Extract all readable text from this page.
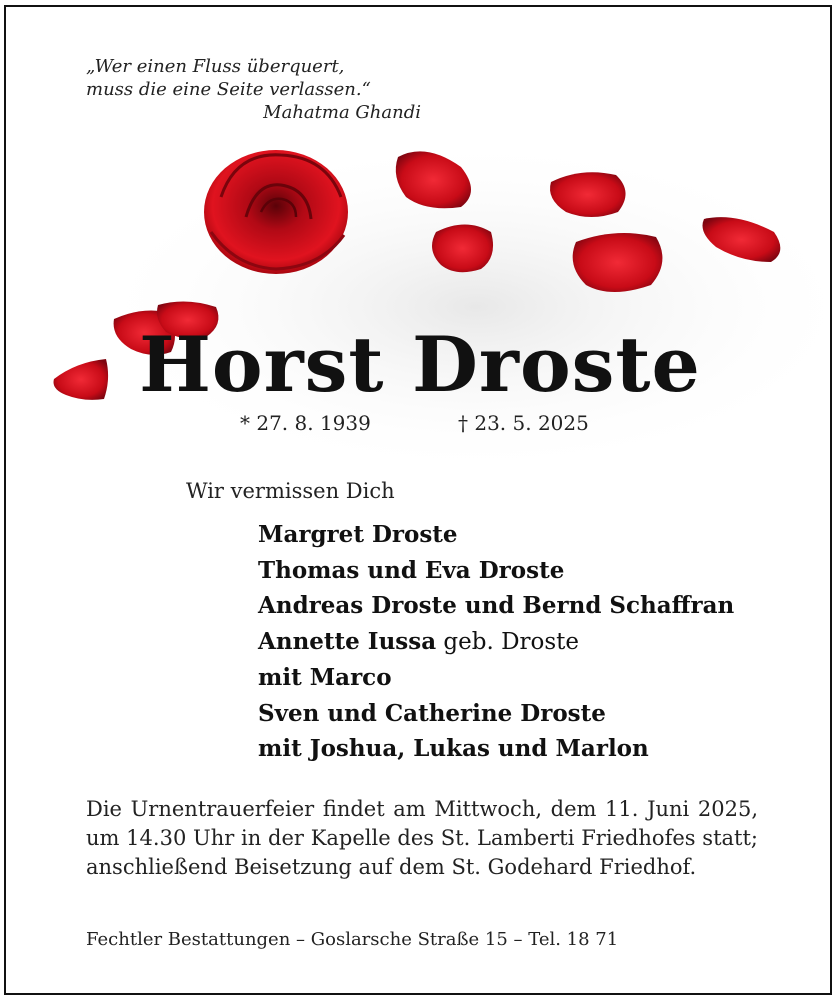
„Wer einen Fluss überquert,
muss die eine Seite verlassen.“
Mahatma Ghandi
Horst Droste
* 27. 8. 1939	† 23. 5. 2025
Wir vermissen Dich
Margret Droste
Thomas und Eva Droste
Andreas Droste und Bernd Schaffran
Annette Iussa geb. Droste
mit Marco
Sven und Catherine Droste
mit Joshua, Lukas und Marlon
Die Urnentrauerfeier findet am Mittwoch, dem 11. Juni 2025, um 14.30 Uhr in der Kapelle des St. Lamberti Friedhofes statt; anschließend Beisetzung auf dem St. Godehard Friedhof.
Fechtler Bestattungen – Goslarsche Straße 15 – Tel. 18 71
